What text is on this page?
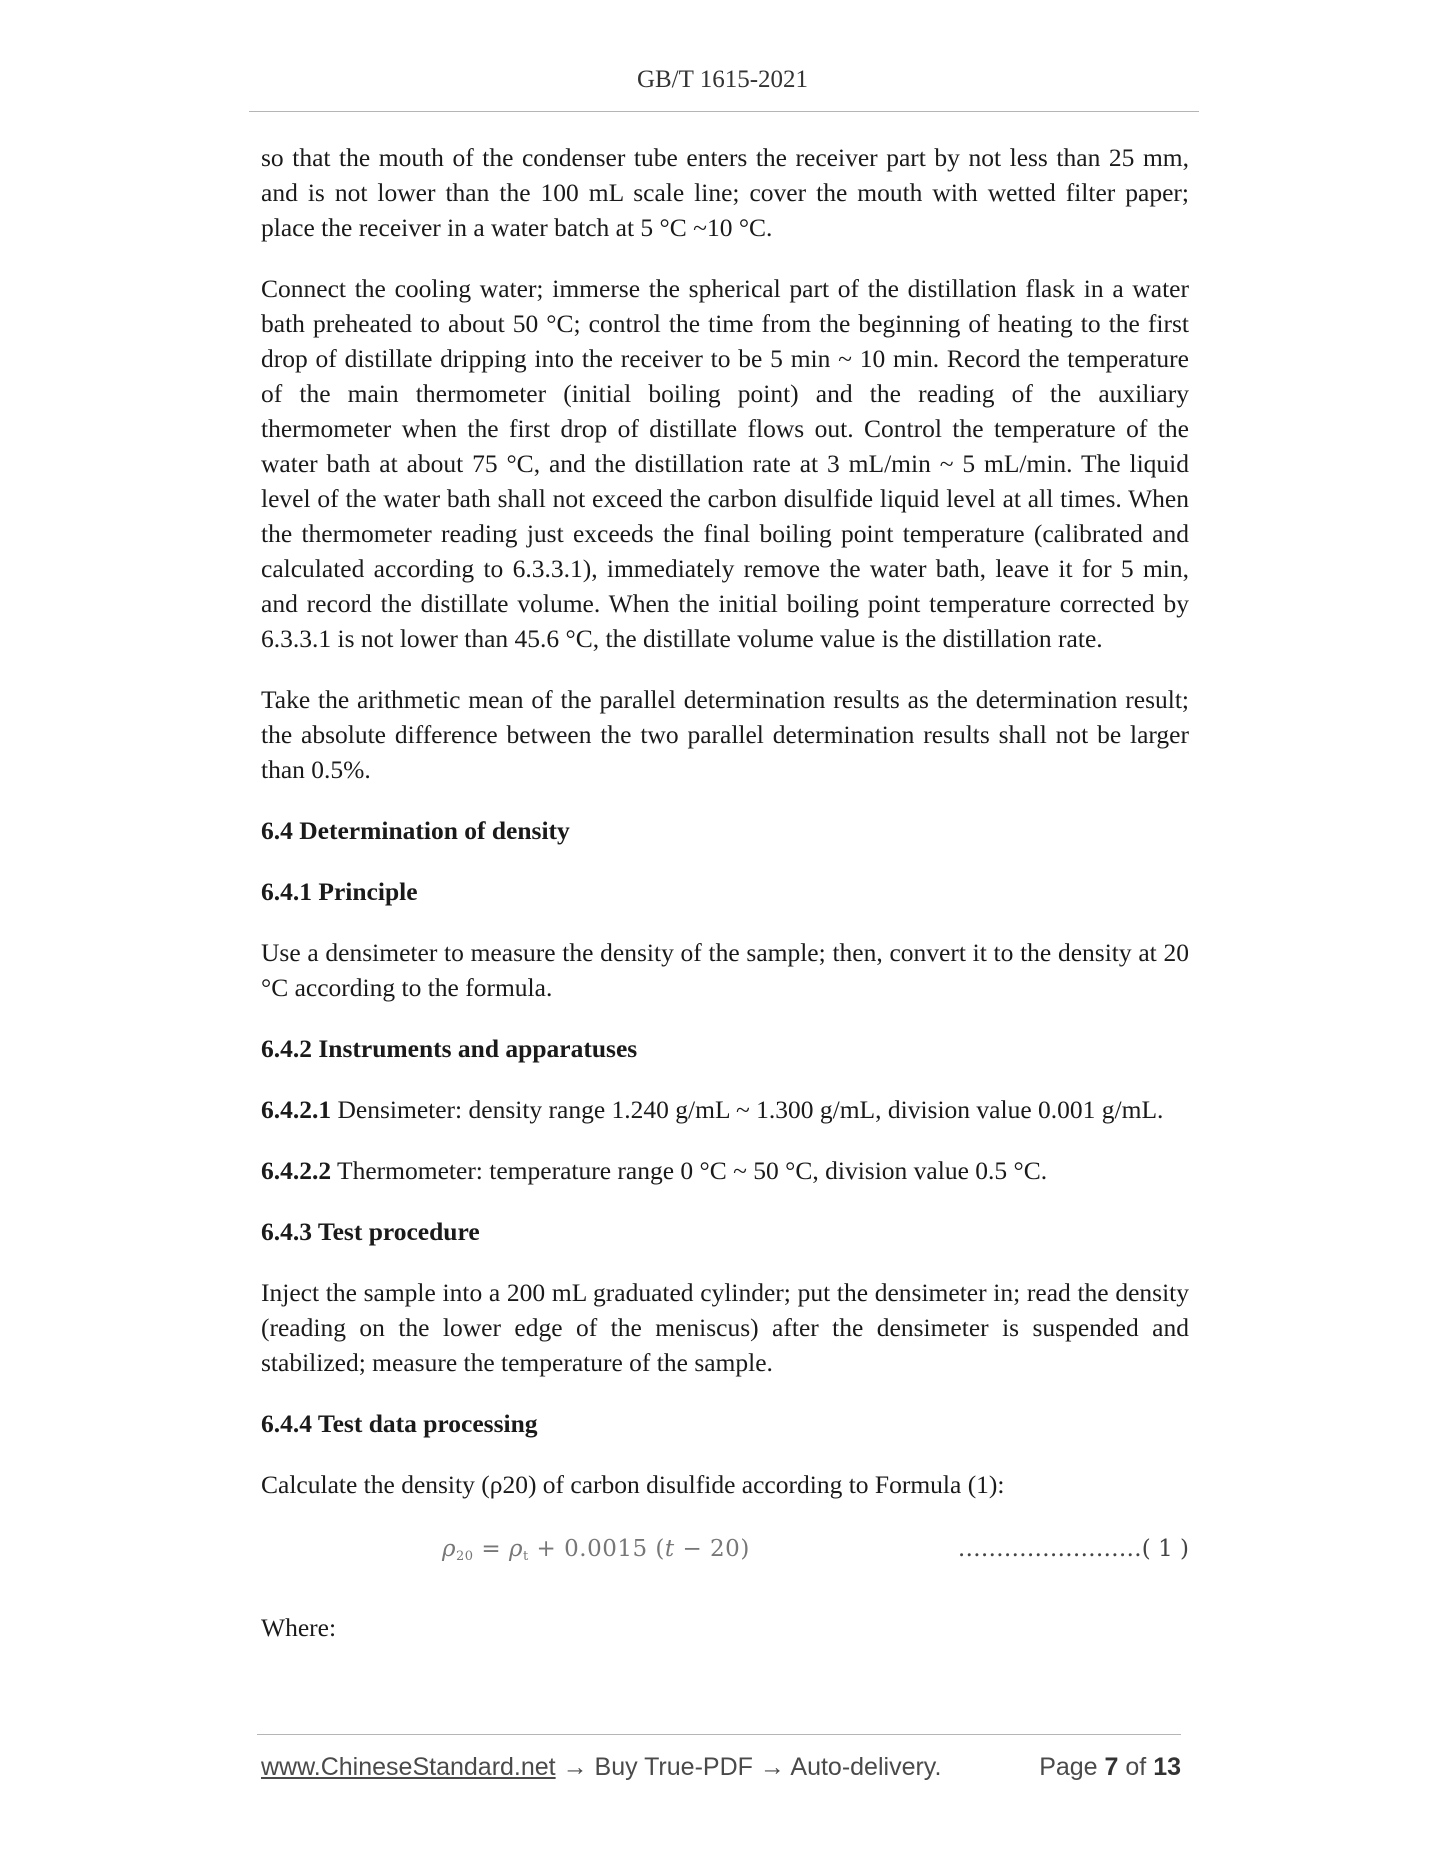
GB/T 1615-2021

so that the mouth of the condenser tube enters the receiver part by not less than 25 mm, and is not lower than the 100 mL scale line; cover the mouth with wetted filter paper; place the receiver in a water batch at 5 °C ~10 °C.

Connect the cooling water; immerse the spherical part of the distillation flask in a water bath preheated to about 50 °C; control the time from the beginning of heating to the first drop of distillate dripping into the receiver to be 5 min ~ 10 min. Record the temperature of the main thermometer (initial boiling point) and the reading of the auxiliary thermometer when the first drop of distillate flows out. Control the temperature of the water bath at about 75 °C, and the distillation rate at 3 mL/min ~ 5 mL/min. The liquid level of the water bath shall not exceed the carbon disulfide liquid level at all times. When the thermometer reading just exceeds the final boiling point temperature (calibrated and calculated according to 6.3.3.1), immediately remove the water bath, leave it for 5 min, and record the distillate volume. When the initial boiling point temperature corrected by 6.3.3.1 is not lower than 45.6 °C, the distillate volume value is the distillation rate.

Take the arithmetic mean of the parallel determination results as the determination result; the absolute difference between the two parallel determination results shall not be larger than 0.5%.

6.4 Determination of density
6.4.1 Principle

Use a densimeter to measure the density of the sample; then, convert it to the density at 20 °C according to the formula.

6.4.2 Instruments and apparatuses

6.4.2.1 Densimeter: density range 1.240 g/mL ~ 1.300 g/mL, division value 0.001 g/mL.

6.4.2.2 Thermometer: temperature range 0 °C ~ 50 °C, division value 0.5 °C.

6.4.3 Test procedure

Inject the sample into a 200 mL graduated cylinder; put the densimeter in; read the density (reading on the lower edge of the meniscus) after the densimeter is suspended and stabilized; measure the temperature of the sample.

6.4.4 Test data processing

Calculate the density (ρ20) of carbon disulfide according to Formula (1):

$\rho_{20} = \rho_t + 0.0015$ (t − 20)	……………………( 1 )

Where:

www.ChineseStandard.net → Buy True-PDF → Auto-delivery.	Page 7 of 13
